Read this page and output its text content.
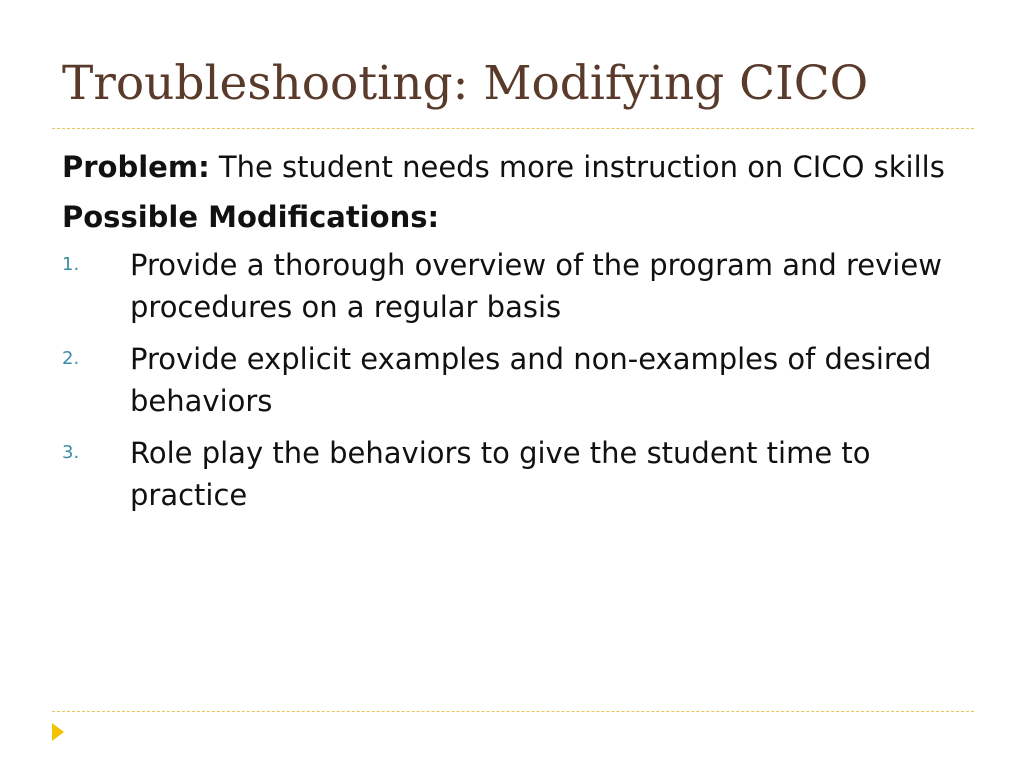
Troubleshooting: Modifying CICO

Problem: The student needs more instruction on CICO skills

Possible Modifications:

1. Provide a thorough overview of the program and review procedures on a regular basis
2. Provide explicit examples and non-examples of desired behaviors
3. Role play the behaviors to give the student time to practice
